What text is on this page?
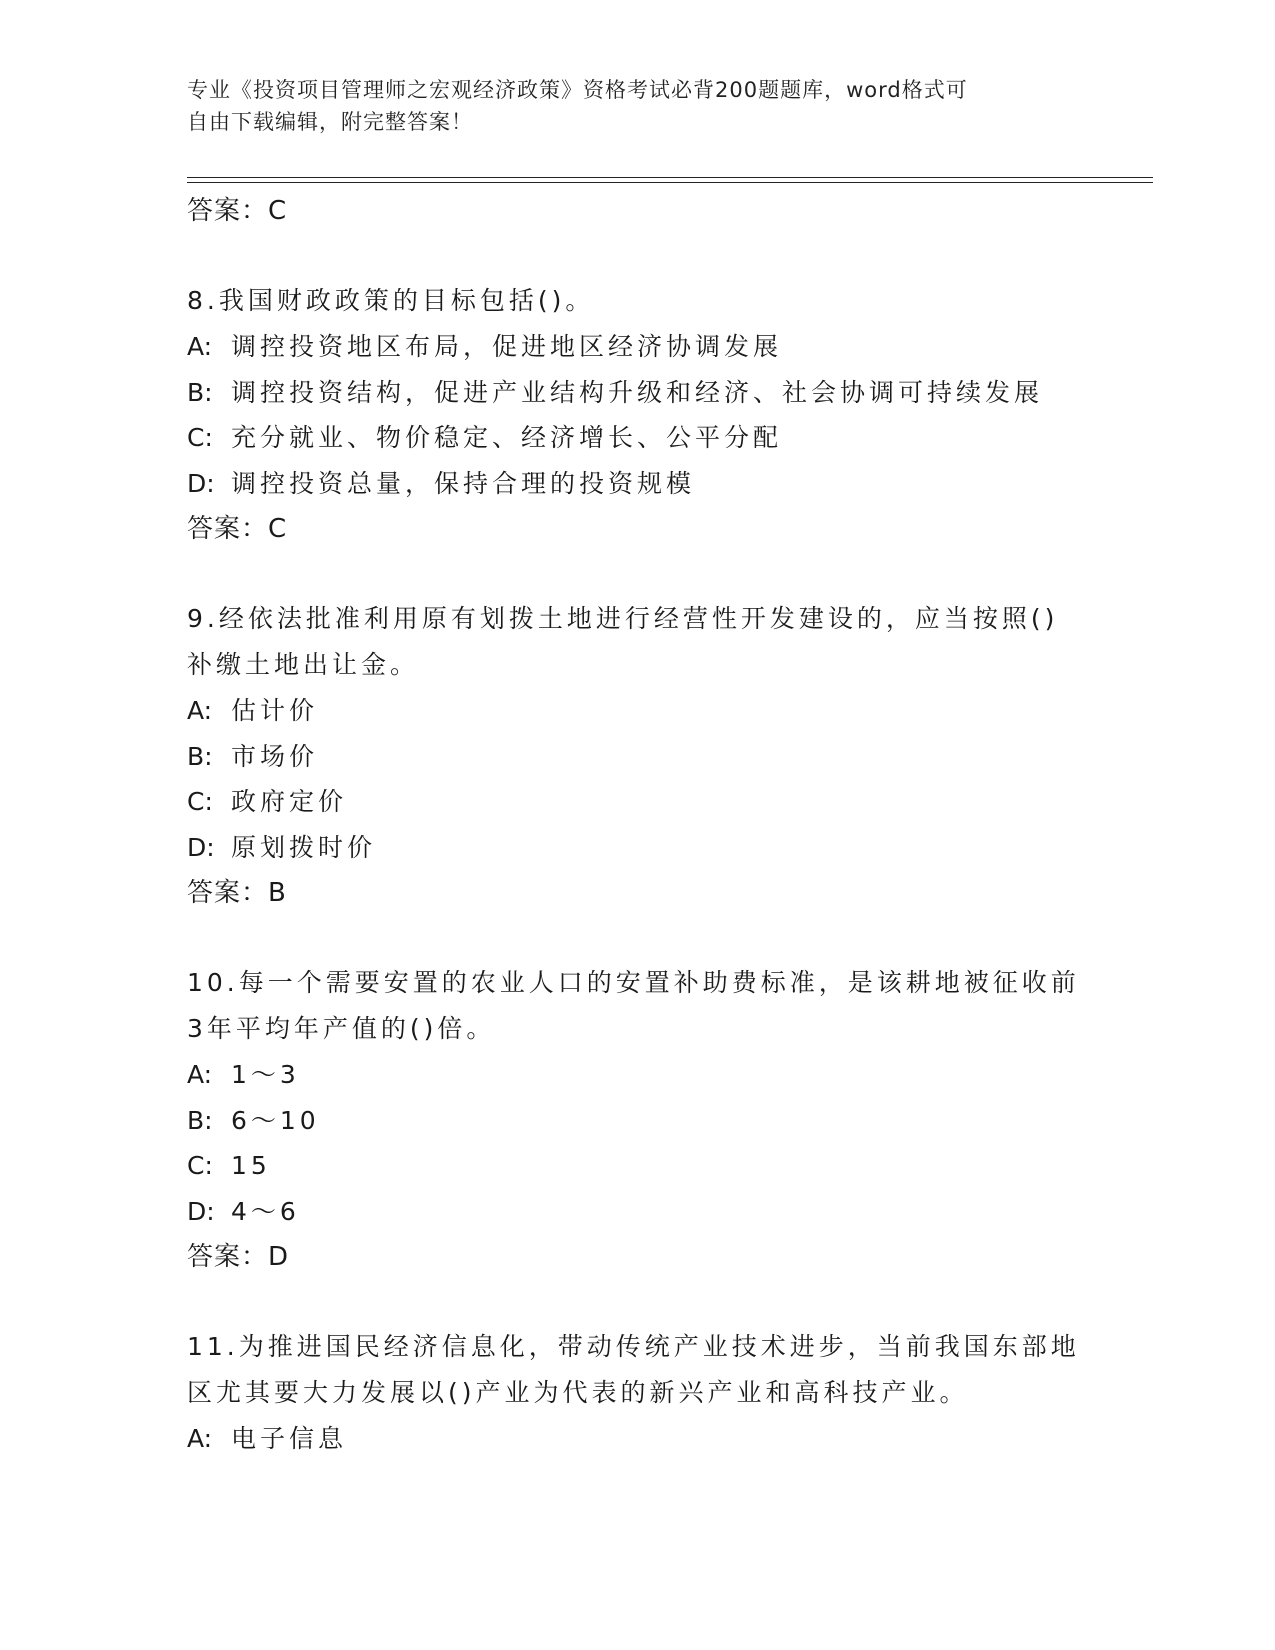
专业《投资项目管理师之宏观经济政策》资格考试必背200题题库，word格式可
自由下载编辑，附完整答案！
答案：C
8.我国财政政策的目标包括()。
A: 调控投资地区布局，促进地区经济协调发展
B: 调控投资结构，促进产业结构升级和经济、社会协调可持续发展
C: 充分就业、物价稳定、经济增长、公平分配
D: 调控投资总量，保持合理的投资规模
答案：C
9.经依法批准利用原有划拨土地进行经营性开发建设的，应当按照()
补缴土地出让金。
A: 估计价
B: 市场价
C: 政府定价
D: 原划拨时价
答案：B
10.每一个需要安置的农业人口的安置补助费标准，是该耕地被征收前
3年平均年产值的()倍。
A: 1～3
B: 6～10
C: 15
D: 4～6
答案：D
11.为推进国民经济信息化，带动传统产业技术进步，当前我国东部地
区尤其要大力发展以()产业为代表的新兴产业和高科技产业。
A: 电子信息
